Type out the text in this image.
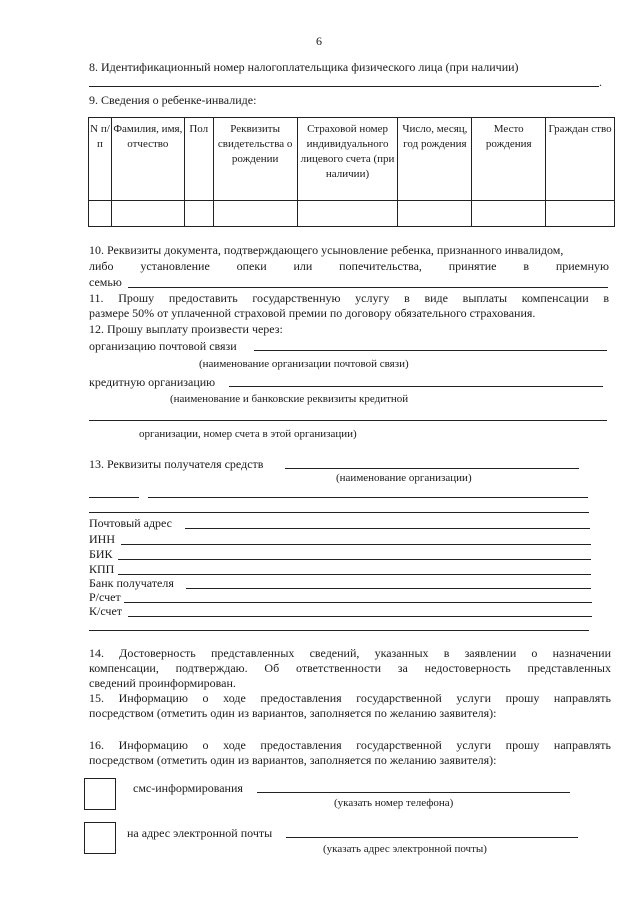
6
8. Идентификационный номер налогоплательщика физического лица (при наличии)
.
9. Сведения о ребенке-инвалиде:
N п/п	Фамилия, имя, отчество	Пол	Реквизиты свидетельства о рождении	Страховой номер индивидуального лицевого счета (при наличии)	Число, месяц, год рождения	Место рождения	Граждан ство

10. Реквизиты документа, подтверждающего усыновление ребенка, признанного инвалидом,
либо установление опеки или попечительства, принятие в приемную
семью
11. Прошу предоставить государственную услугу в виде выплаты компенсации в
размере 50% от уплаченной страховой премии по договору обязательного страхования.
12. Прошу выплату произвести через:
организацию почтовой связи
(наименование организации почтовой связи)
кредитную организацию
(наименование и банковские реквизиты кредитной
организации, номер счета в этой организации)
13. Реквизиты получателя средств
(наименование организации)
Почтовый адрес
ИНН
БИК
КПП
Банк получателя
Р/счет
К/счет
14. Достоверность представленных сведений, указанных в заявлении о назначении
компенсации, подтверждаю. Об ответственности за недостоверность представленных
сведений проинформирован.
15. Информацию о ходе предоставления государственной услуги прошу направлять
посредством (отметить один из вариантов, заполняется по желанию заявителя):
16. Информацию о ходе предоставления государственной услуги прошу направлять
посредством (отметить один из вариантов, заполняется по желанию заявителя):
смс-информирования
(указать номер телефона)
на адрес электронной почты
(указать адрес электронной почты)
